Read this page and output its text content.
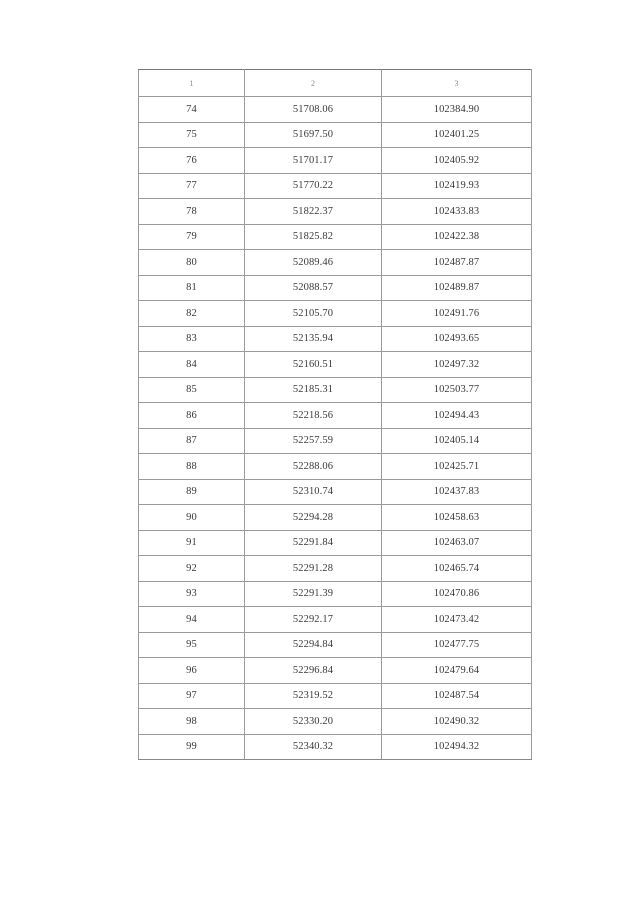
1	2	3
74	51708.06	102384.90
75	51697.50	102401.25
76	51701.17	102405.92
77	51770.22	102419.93
78	51822.37	102433.83
79	51825.82	102422.38
80	52089.46	102487.87
81	52088.57	102489.87
82	52105.70	102491.76
83	52135.94	102493.65
84	52160.51	102497.32
85	52185.31	102503.77
86	52218.56	102494.43
87	52257.59	102405.14
88	52288.06	102425.71
89	52310.74	102437.83
90	52294.28	102458.63
91	52291.84	102463.07
92	52291.28	102465.74
93	52291.39	102470.86
94	52292.17	102473.42
95	52294.84	102477.75
96	52296.84	102479.64
97	52319.52	102487.54
98	52330.20	102490.32
99	52340.32	102494.32
